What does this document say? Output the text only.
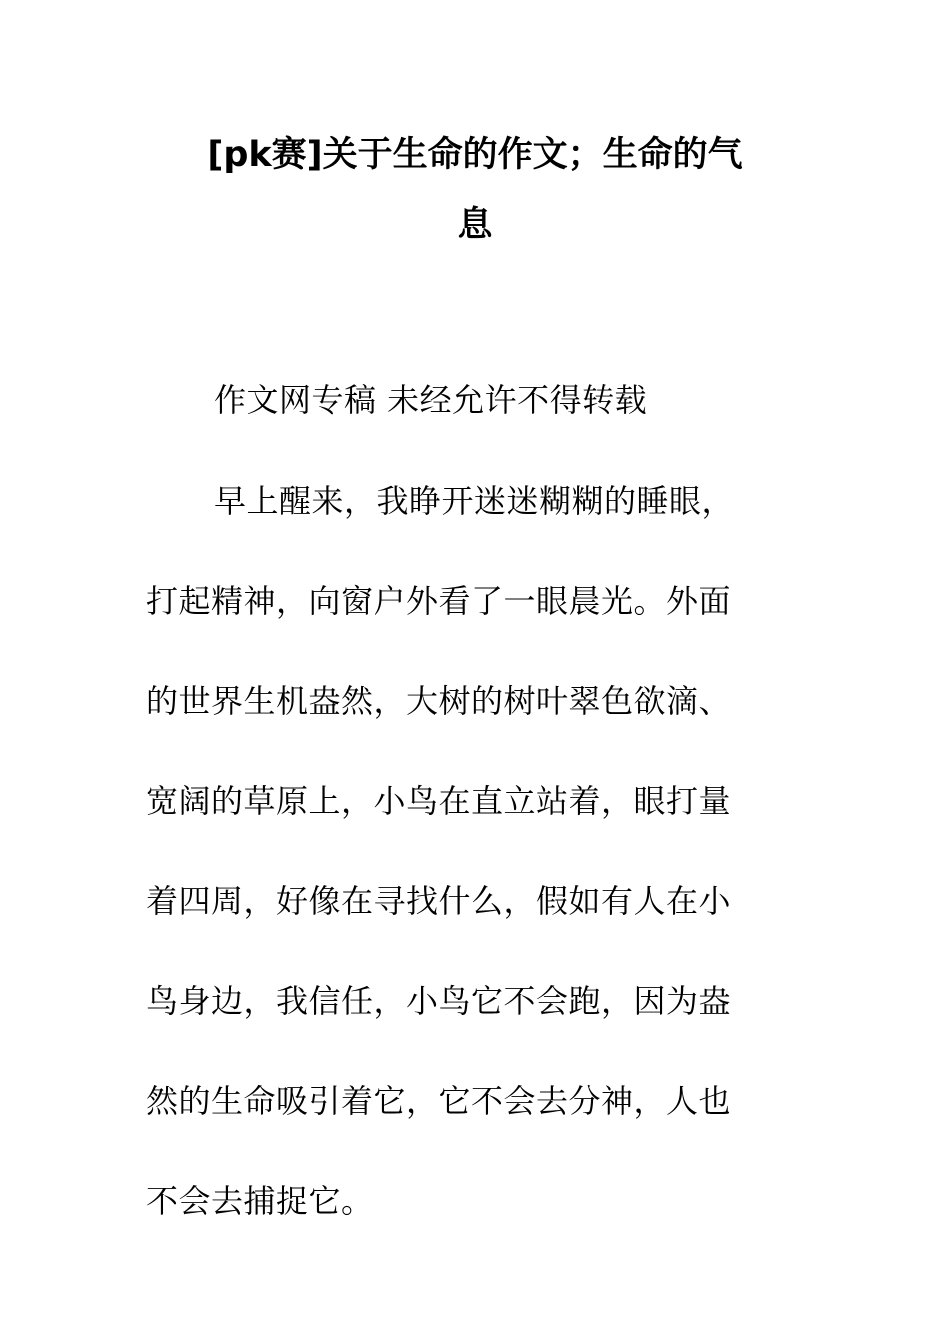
[pk赛]关于生命的作文；生命的气
息
作文网专稿 未经允许不得转载
早上醒来，我睁开迷迷糊糊的睡眼，
打起精神，向窗户外看了一眼晨光。外面
的世界生机盎然，大树的树叶翠色欲滴、
宽阔的草原上，小鸟在直立站着，眼打量
着四周，好像在寻找什么，假如有人在小
鸟身边，我信任，小鸟它不会跑，因为盎
然的生命吸引着它，它不会去分神，人也
不会去捕捉它。
